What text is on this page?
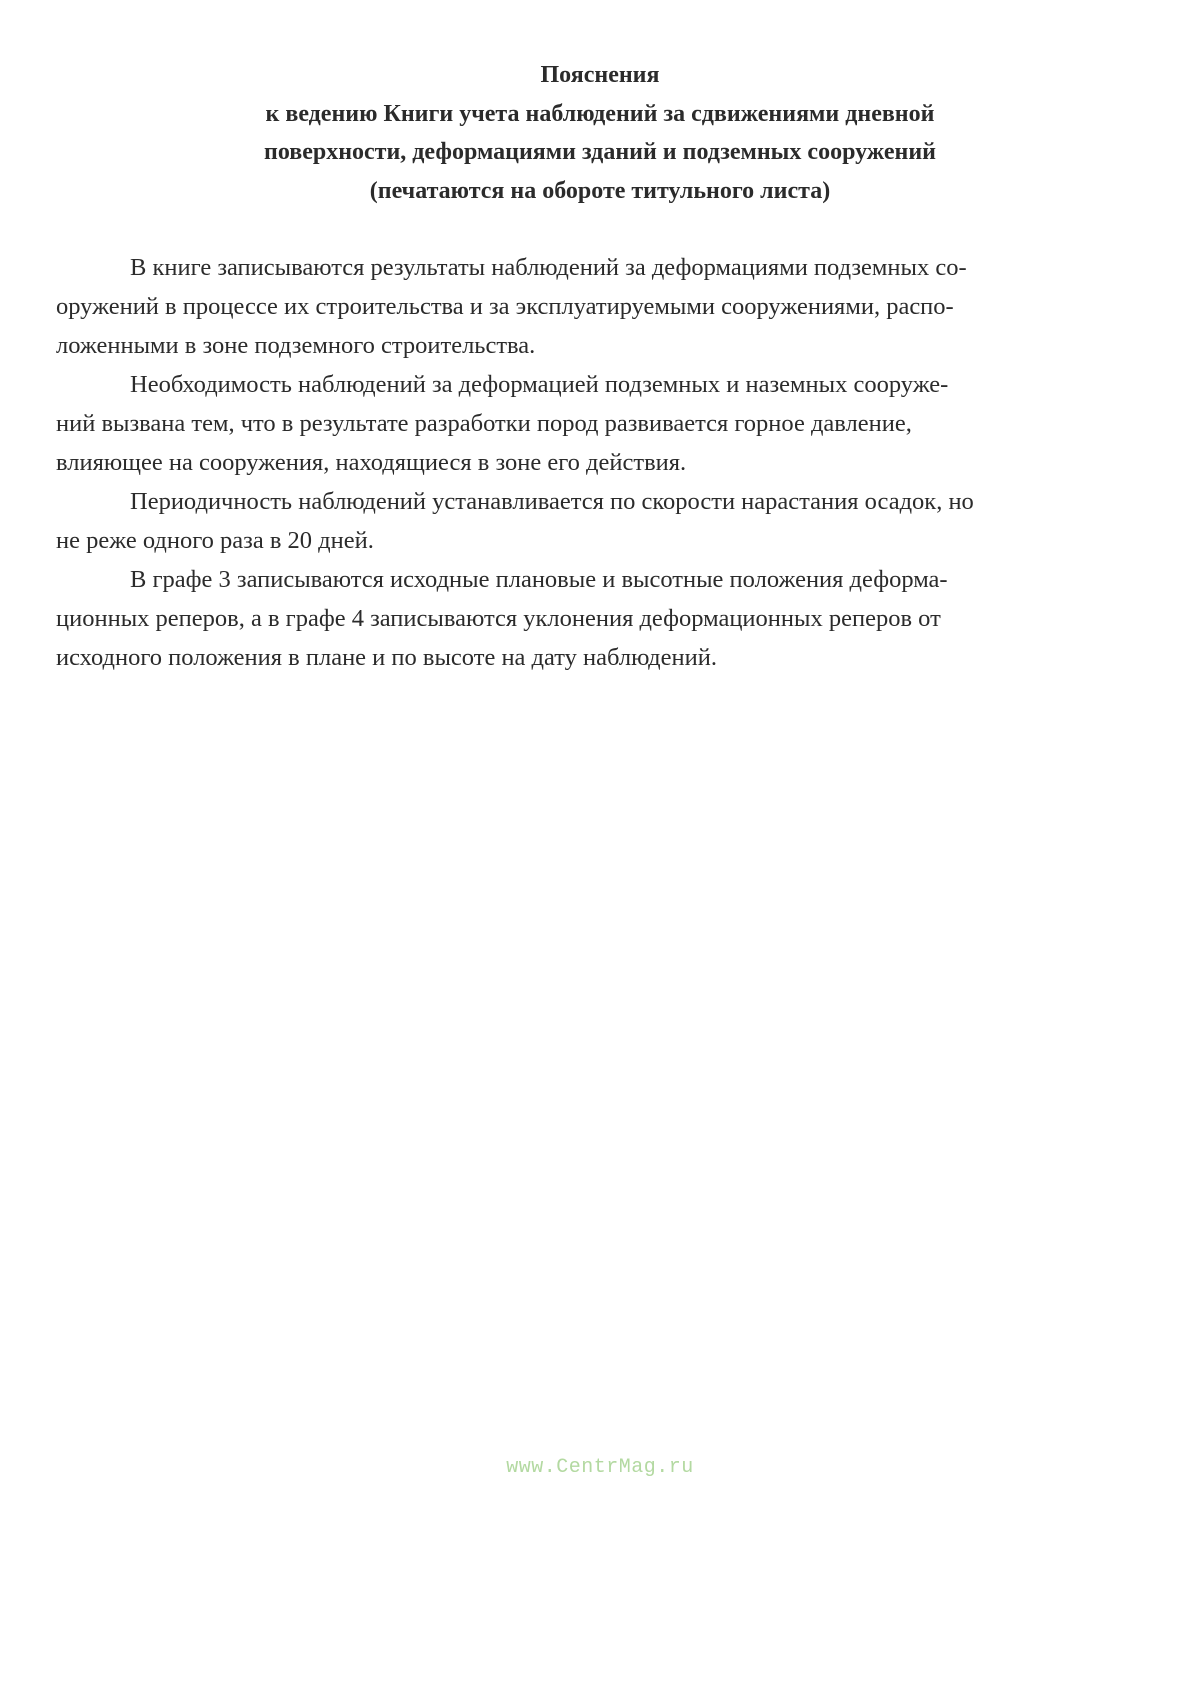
Пояснения
к ведению Книги учета наблюдений за сдвижениями дневной
поверхности, деформациями зданий и подземных сооружений
(печатаются на обороте титульного листа)
В книге записываются результаты наблюдений за деформациями подземных со-
оружений в процессе их строительства и за эксплуатируемыми сооружениями, распо-
ложенными в зоне подземного строительства.
Необходимость наблюдений за деформацией подземных и наземных сооруже-
ний вызвана тем, что в результате разработки пород развивается горное давление,
влияющее на сооружения, находящиеся в зоне его действия.
Периодичность наблюдений устанавливается по скорости нарастания осадок, но
не реже одного раза в 20 дней.
В графе 3 записываются исходные плановые и высотные положения деформа-
ционных реперов, а в графе 4 записываются уклонения деформационных реперов от
исходного положения в плане и по высоте на дату наблюдений.
www.CentrMag.ru
